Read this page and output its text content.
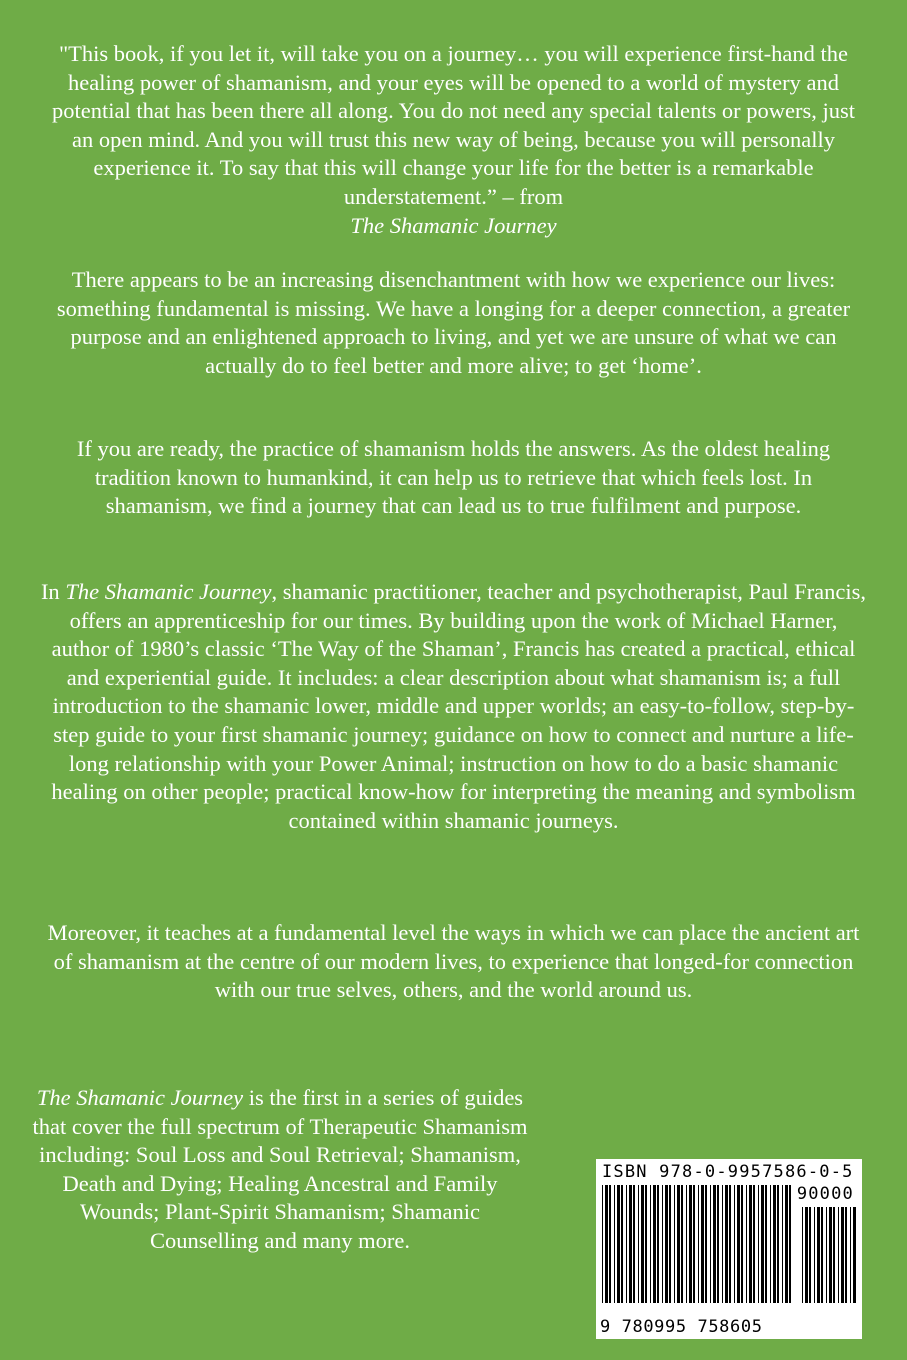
"This book, if you let it, will take you on a journey… you will experience first-hand the healing power of shamanism, and your eyes will be opened to a world of mystery and potential that has been there all along. You do not need any special talents or powers, just an open mind. And you will trust this new way of being, because you will personally experience it. To say that this will change your life for the better is a remarkable understatement.” – from
The Shamanic Journey

There appears to be an increasing disenchantment with how we experience our lives: something fundamental is missing. We have a longing for a deeper connection, a greater purpose and an enlightened approach to living, and yet we are unsure of what we can actually do to feel better and more alive; to get ‘home’.

If you are ready, the practice of shamanism holds the answers. As the oldest healing tradition known to humankind, it can help us to retrieve that which feels lost. In shamanism, we find a journey that can lead us to true fulfilment and purpose.

In The Shamanic Journey, shamanic practitioner, teacher and psychotherapist, Paul Francis, offers an apprenticeship for our times. By building upon the work of Michael Harner, author of 1980’s classic ‘The Way of the Shaman’, Francis has created a practical, ethical and experiential guide. It includes: a clear description about what shamanism is; a full introduction to the shamanic lower, middle and upper worlds; an easy-to-follow, step-by-step guide to your first shamanic journey; guidance on how to connect and nurture a life-long relationship with your Power Animal; instruction on how to do a basic shamanic healing on other people; practical know-how for interpreting the meaning and symbolism contained within shamanic journeys.

Moreover, it teaches at a fundamental level the ways in which we can place the ancient art of shamanism at the centre of our modern lives, to experience that longed-for connection with our true selves, others, and the world around us.

The Shamanic Journey is the first in a series of guides that cover the full spectrum of Therapeutic Shamanism including: Soul Loss and Soul Retrieval; Shamanism, Death and Dying; Healing Ancestral and Family Wounds; Plant-Spirit Shamanism; Shamanic Counselling and many more.

ISBN 978-0-9957586-0-5
90000
9 780995 758605
